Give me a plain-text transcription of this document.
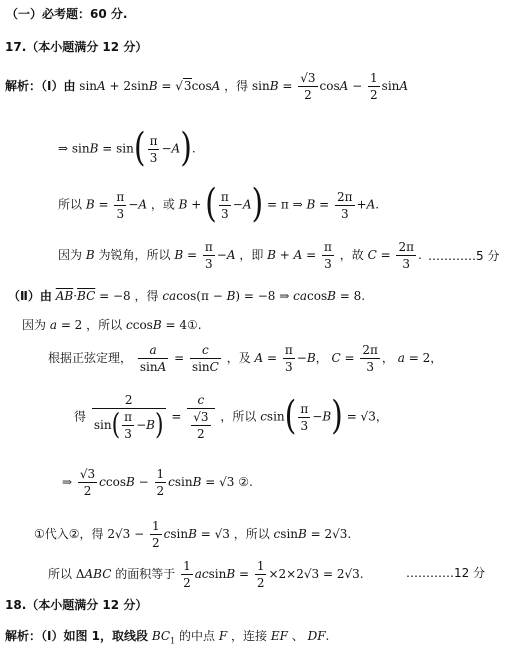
（一）必考题：60 分.
17.（本小题满分 12 分）
解析：（Ⅰ）由 sinA + 2sinB = √3cosA ，得 $\sin B = \frac{√3}{2}$ $\cos A - \frac{1}{2}$ sinA
⇒ $\sin B = \sin( \frac{\pi}{3} -A)$.
所以 $B = \frac{\pi}{3} -A$ ，或 B + ( $\frac{\pi}{3} -A) = \pi$ ⇒ $B = \frac{2\pi}{3} +A$.
因为 B 为锐角，所以 $B = \frac{\pi}{3} -A$ ，即 $B + A = \frac{\pi}{3}$ ，故 $C = \frac{2\pi}{3}$ . …………5 分
（Ⅱ）由 $\overline{AB}\cdot\overline{BC} = -8$ ，得 cacos(π − B) = −8 ⇒ cacosB = 8.
因为 a = 2 ，所以 ccosB = 4①.
根据正弦定理， $\frac{a}{\sin A} = \frac{c}{\sin C}$ ，及 $A = \frac{\pi}{3} -B$， $C = \frac{2\pi}{3}$ ， a = 2，
得 $\frac{2}{\sin( \frac{\pi}{3} -B)} = \frac{c}{\frac{√3}{2}}$ ，所以 $csin( \frac{\pi}{3} -B) = √3$，
⇒ $\frac{√3}{2}$ $ccosB - \frac{1}{2}$ csinB = √3 ②.
①代入②，得 $2√3 - \frac{1}{2}$ csinB = √3 ，所以 csinB = 2√3.
所以 ΔABC 的面积等于 $\frac{1}{2}$ $acsinB = \frac{1}{2} \times 2\times 2√3 = 2√3$.	…………12 分
18.（本小题满分 12 分）
解析：（Ⅰ）如图 1，取线段 $BC_1$ 的中点 F ，连接 EF 、 DF.
